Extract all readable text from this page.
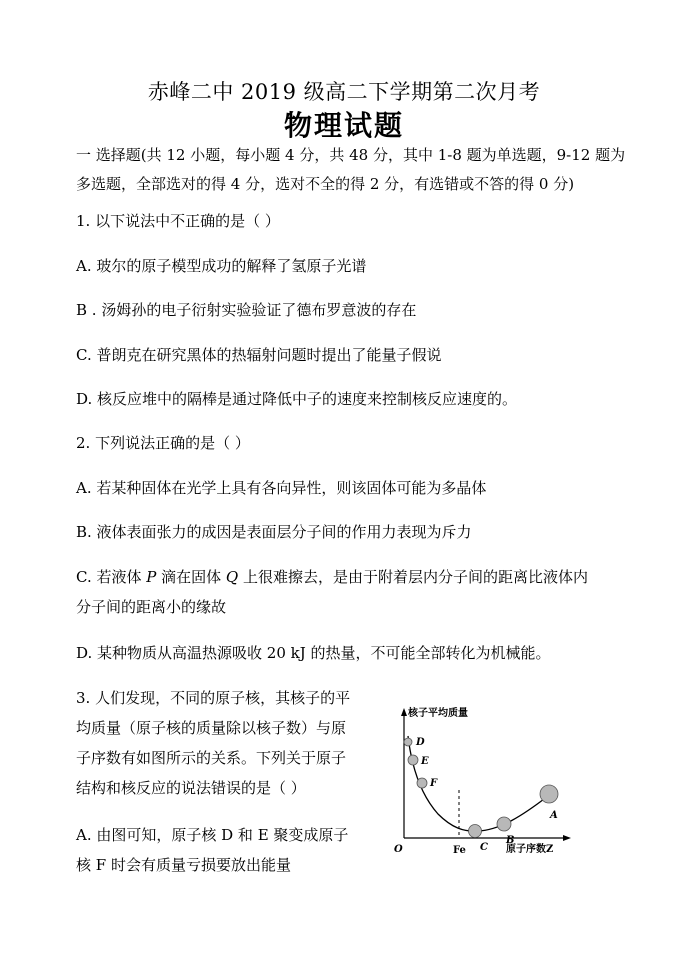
赤峰二中 2019 级高二下学期第二次月考
物理试题
一 选择题(共 12 小题，每小题 4 分，共 48 分，其中 1-8 题为单选题，9-12 题为
多选题，全部选对的得 4 分，选对不全的得 2 分，有选错或不答的得 0 分)
1. 以下说法中不正确的是（ ）
A. 玻尔的原子模型成功的解释了氢原子光谱
B . 汤姆孙的电子衍射实验验证了德布罗意波的存在
C. 普朗克在研究黑体的热辐射问题时提出了能量子假说
D. 核反应堆中的隔棒是通过降低中子的速度来控制核反应速度的。
2. 下列说法正确的是（ ）
A. 若某种固体在光学上具有各向异性，则该固体可能为多晶体
B. 液体表面张力的成因是表面层分子间的作用力表现为斥力
C. 若液体 P 滴在固体 Q 上很难擦去，是由于附着层内分子间的距离比液体内
分子间的距离小的缘故
D. 某种物质从高温热源吸收 20 kJ 的热量，不可能全部转化为机械能。
3. 人们发现，不同的原子核，其核子的平
均质量（原子核的质量除以核子数）与原
子序数有如图所示的关系。下列关于原子
结构和核反应的说法错误的是（ ）
A. 由图可知，原子核 D 和 E 聚变成原子
核 F 时会有质量亏损要放出能量
核子平均质量
O	Fe	原子序数Z
D
E
F
C
B
A
